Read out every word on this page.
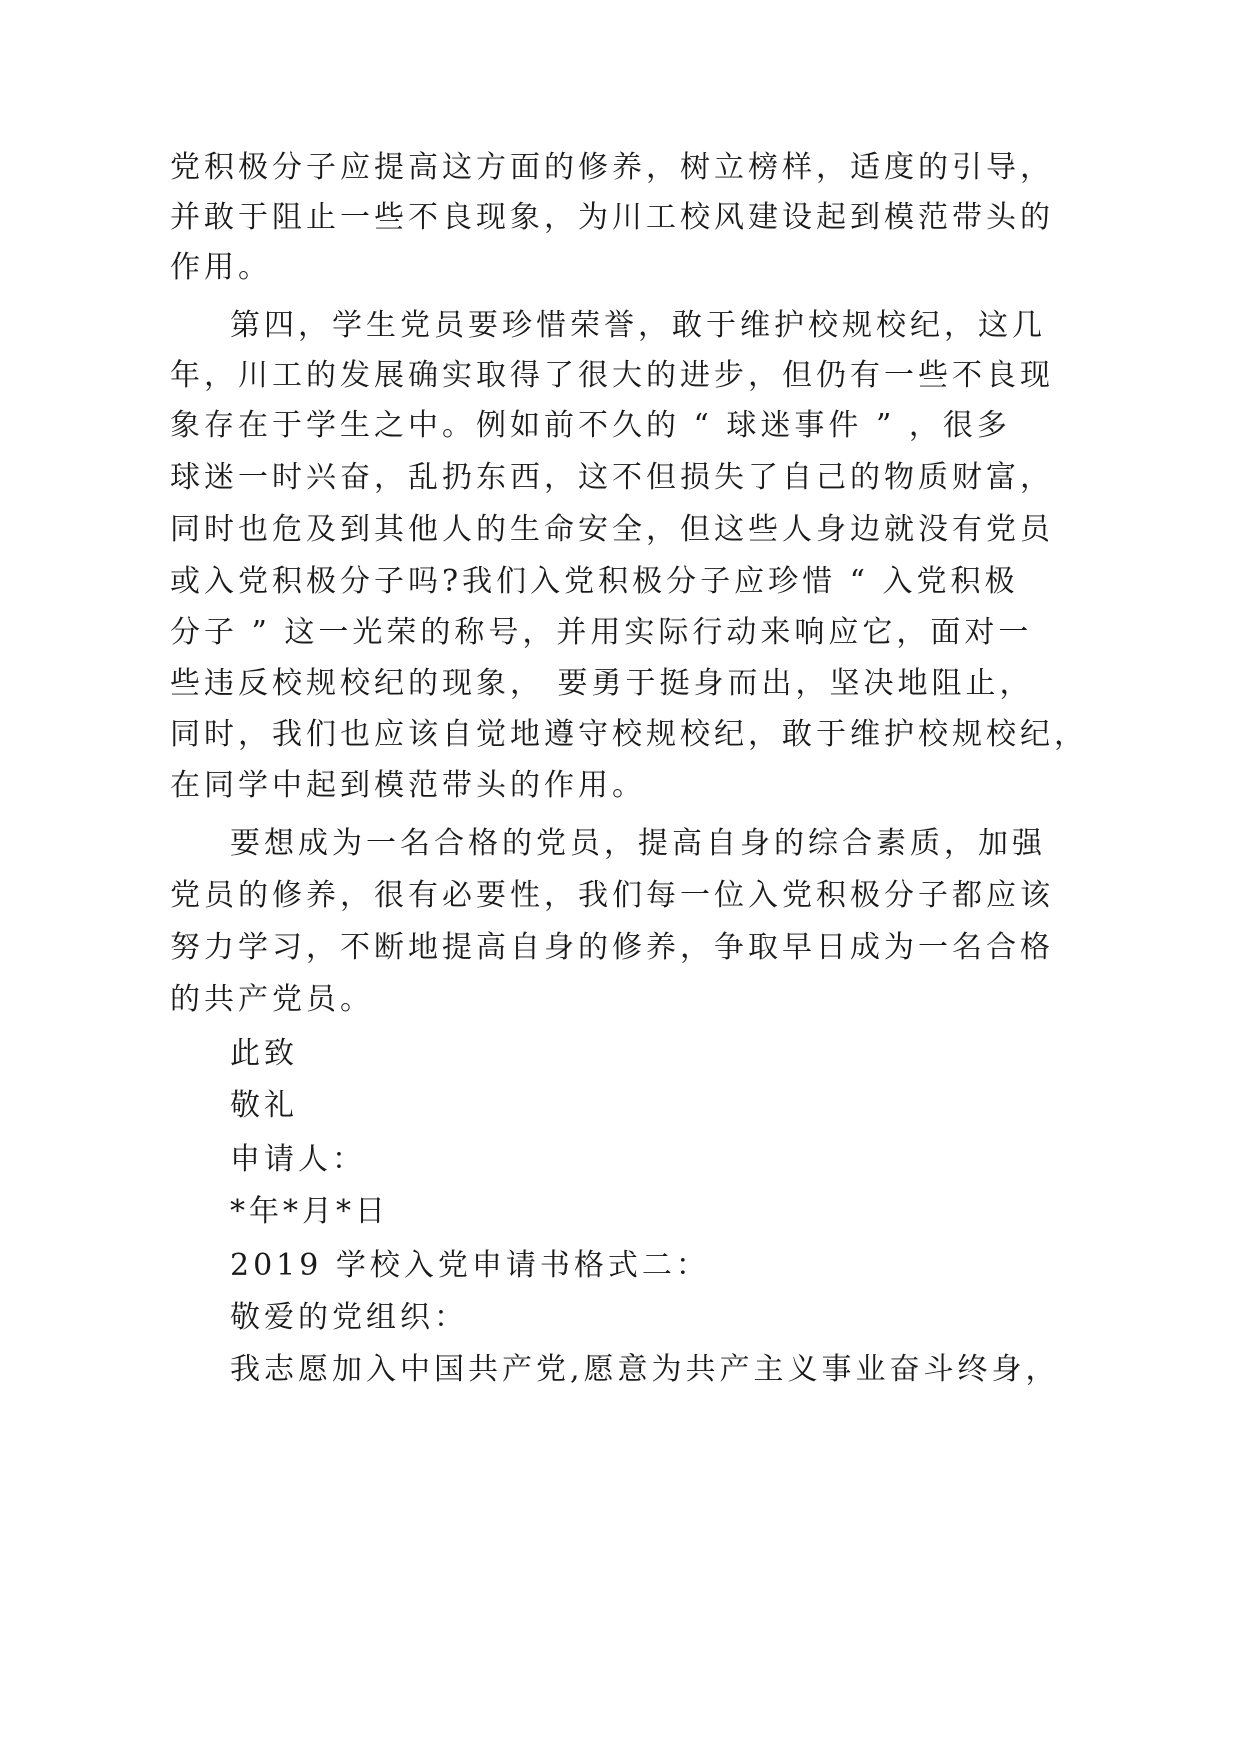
党积极分子应提高这方面的修养，树立榜样，适度的引导，
并敢于阻止一些不良现象，为川工校风建设起到模范带头的
作用。
第四，学生党员要珍惜荣誉，敢于维护校规校纪，这几
年，川工的发展确实取得了很大的进步，但仍有一些不良现
象存在于学生之中。例如前不久的 “ 球迷事件 ” ，很多
球迷一时兴奋，乱扔东西，这不但损失了自己的物质财富，
同时也危及到其他人的生命安全，但这些人身边就没有党员
或入党积极分子吗?我们入党积极分子应珍惜 “ 入党积极
分子 ” 这一光荣的称号，并用实际行动来响应它，面对一
些违反校规校纪的现象， 要勇于挺身而出，坚决地阻止，
同时，我们也应该自觉地遵守校规校纪，敢于维护校规校纪，
在同学中起到模范带头的作用。
要想成为一名合格的党员，提高自身的综合素质，加强
党员的修养，很有必要性，我们每一位入党积极分子都应该
努力学习，不断地提高自身的修养，争取早日成为一名合格
的共产党员。
此致
敬礼
申请人：
*年*月*日
2019 学校入党申请书格式二：
敬爱的党组织：
我志愿加入中国共产党,愿意为共产主义事业奋斗终身，
